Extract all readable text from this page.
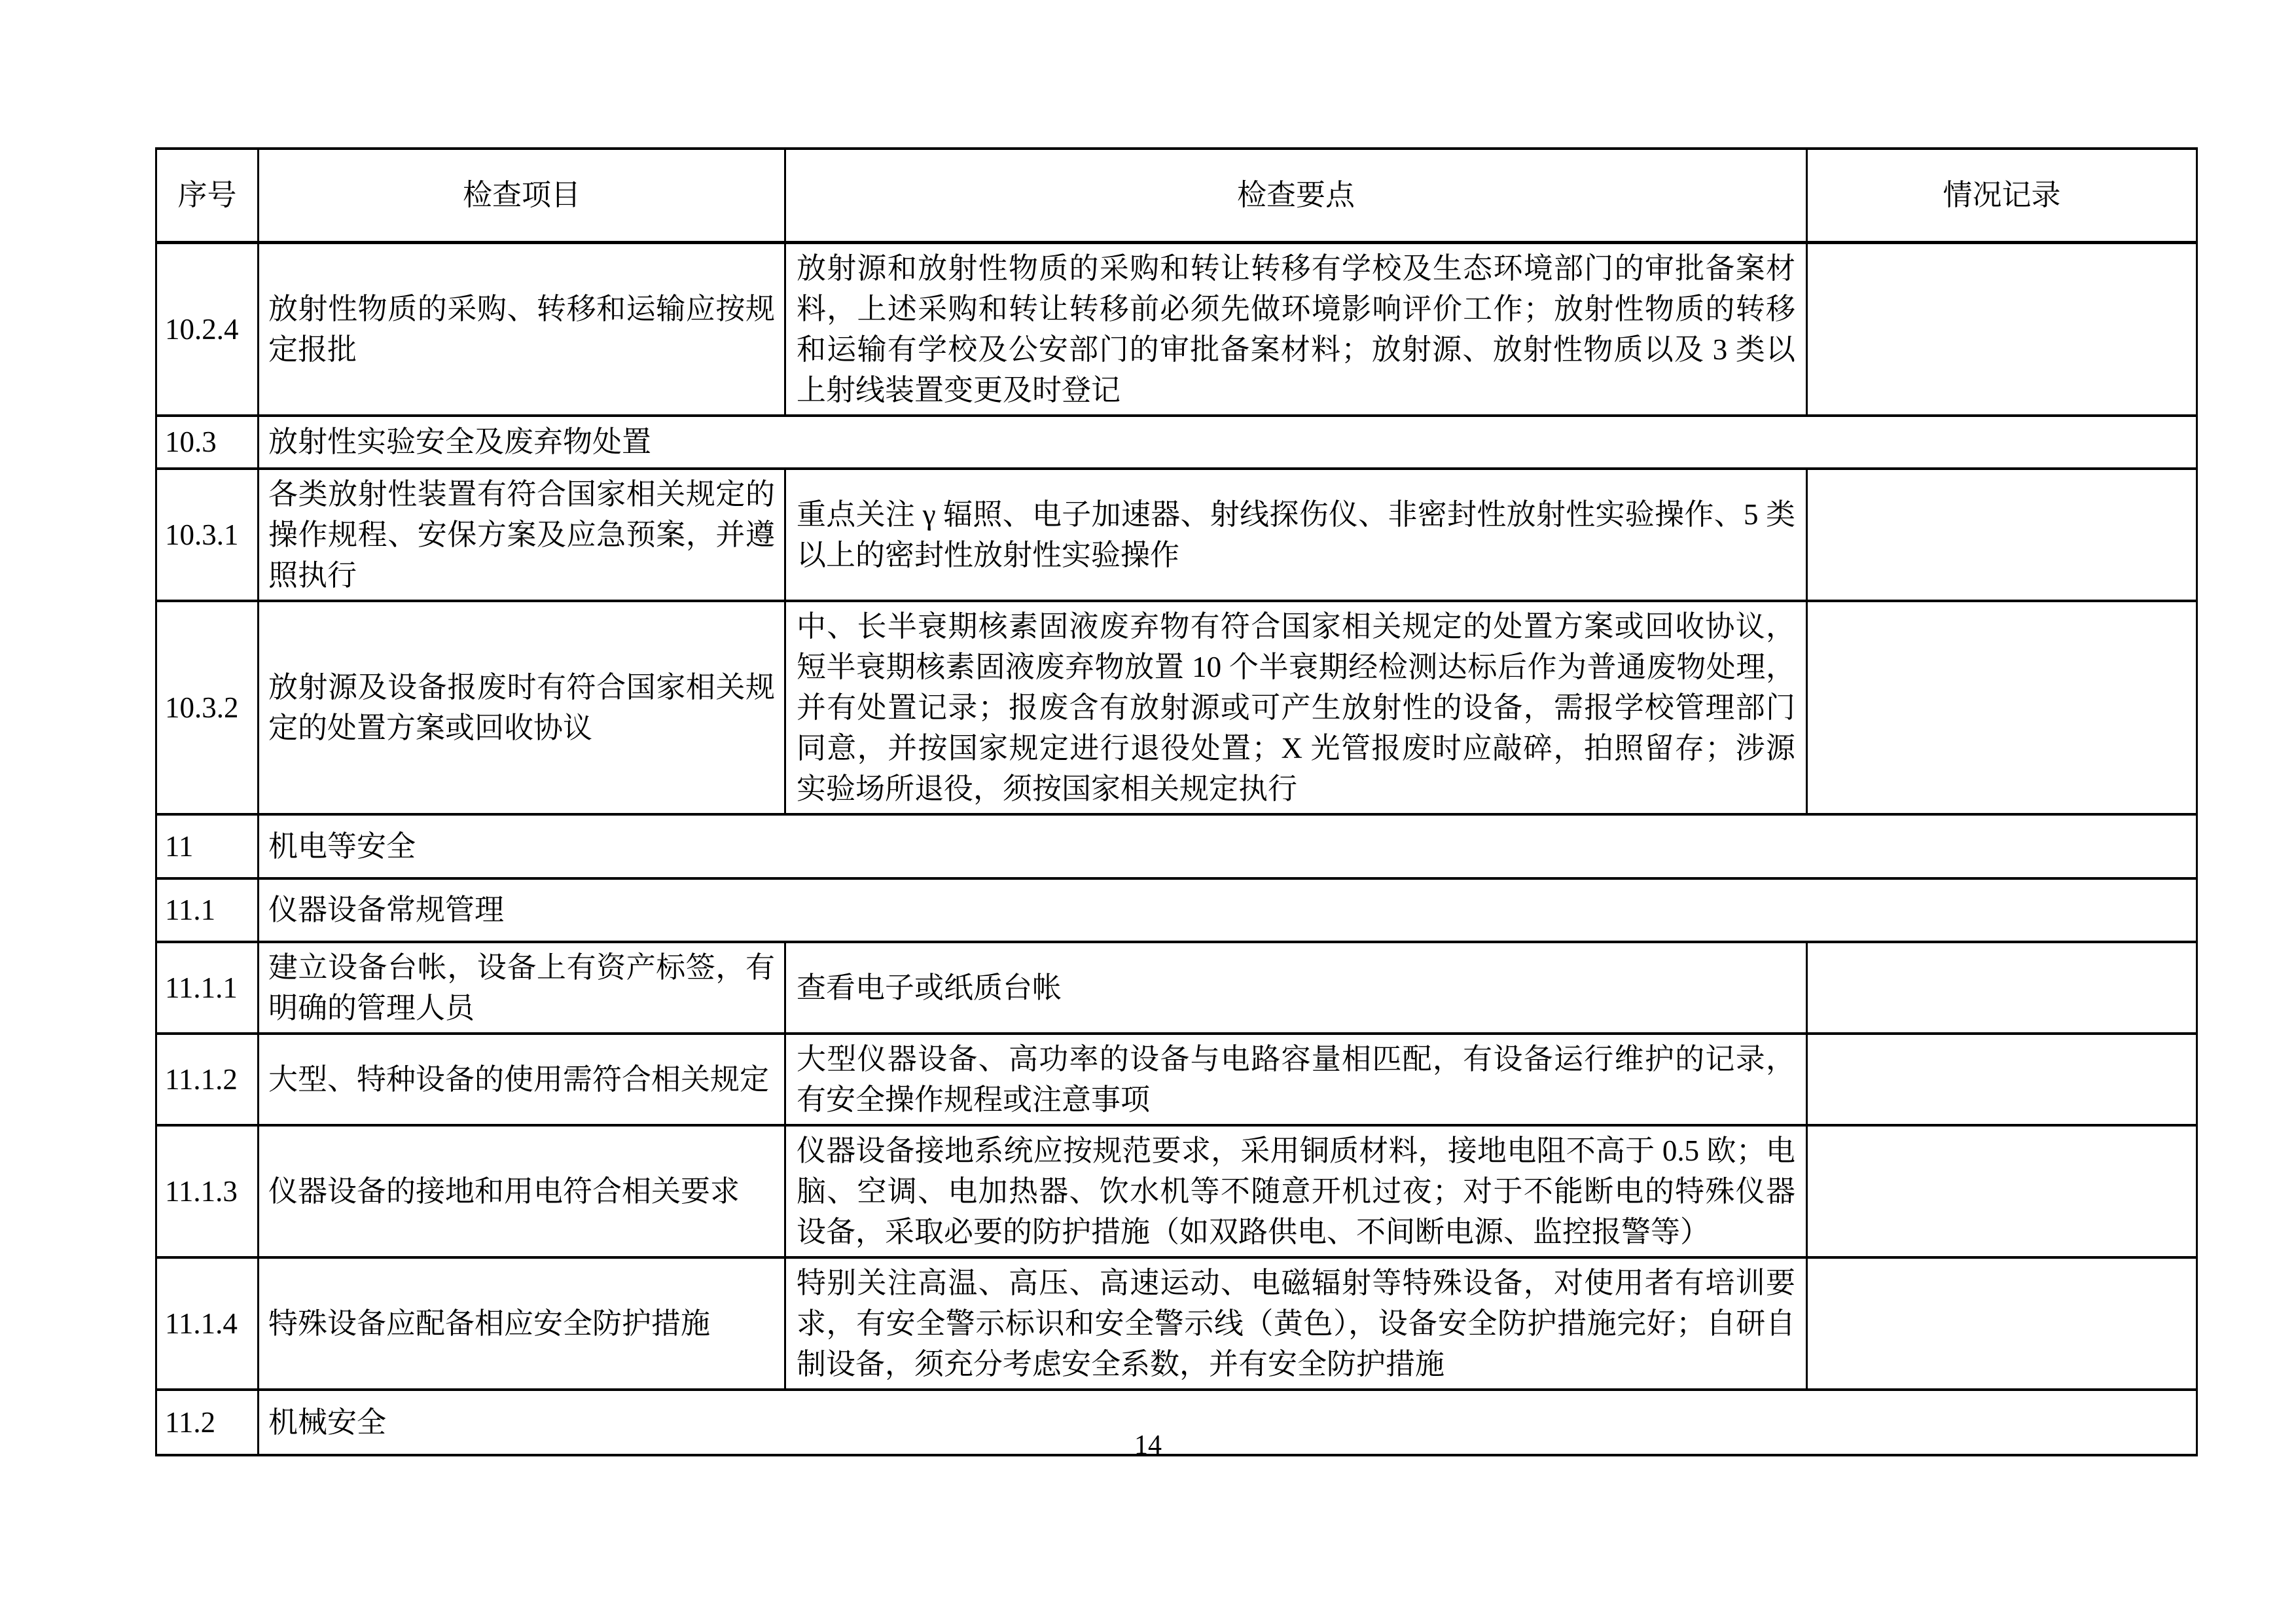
序号	检查项目	检查要点	情况记录
10.2.4	放射性物质的采购、转移和运输应按规定报批	放射源和放射性物质的采购和转让转移有学校及生态环境部门的审批备案材料，上述采购和转让转移前必须先做环境影响评价工作；放射性物质的转移和运输有学校及公安部门的审批备案材料；放射源、放射性物质以及 3 类以上射线装置变更及时登记	
10.3	放射性实验安全及废弃物处置		
10.3.1	各类放射性装置有符合国家相关规定的操作规程、安保方案及应急预案，并遵照执行	重点关注 γ 辐照、电子加速器、射线探伤仪、非密封性放射性实验操作、5 类以上的密封性放射性实验操作	
10.3.2	放射源及设备报废时有符合国家相关规定的处置方案或回收协议	中、长半衰期核素固液废弃物有符合国家相关规定的处置方案或回收协议，短半衰期核素固液废弃物放置 10 个半衰期经检测达标后作为普通废物处理，并有处置记录；报废含有放射源或可产生放射性的设备，需报学校管理部门同意，并按国家规定进行退役处置；X 光管报废时应敲碎，拍照留存；涉源实验场所退役，须按国家相关规定执行	
11	机电等安全		
11.1	仪器设备常规管理		
11.1.1	建立设备台帐，设备上有资产标签，有明确的管理人员	查看电子或纸质台帐	
11.1.2	大型、特种设备的使用需符合相关规定	大型仪器设备、高功率的设备与电路容量相匹配，有设备运行维护的记录，有安全操作规程或注意事项	
11.1.3	仪器设备的接地和用电符合相关要求	仪器设备接地系统应按规范要求，采用铜质材料，接地电阻不高于 0.5 欧；电脑、空调、电加热器、饮水机等不随意开机过夜；对于不能断电的特殊仪器设备，采取必要的防护措施（如双路供电、不间断电源、监控报警等）	
11.1.4	特殊设备应配备相应安全防护措施	特别关注高温、高压、高速运动、电磁辐射等特殊设备，对使用者有培训要求，有安全警示标识和安全警示线（黄色），设备安全防护措施完好；自研自制设备，须充分考虑安全系数，并有安全防护措施	
11.2	机械安全		
14
